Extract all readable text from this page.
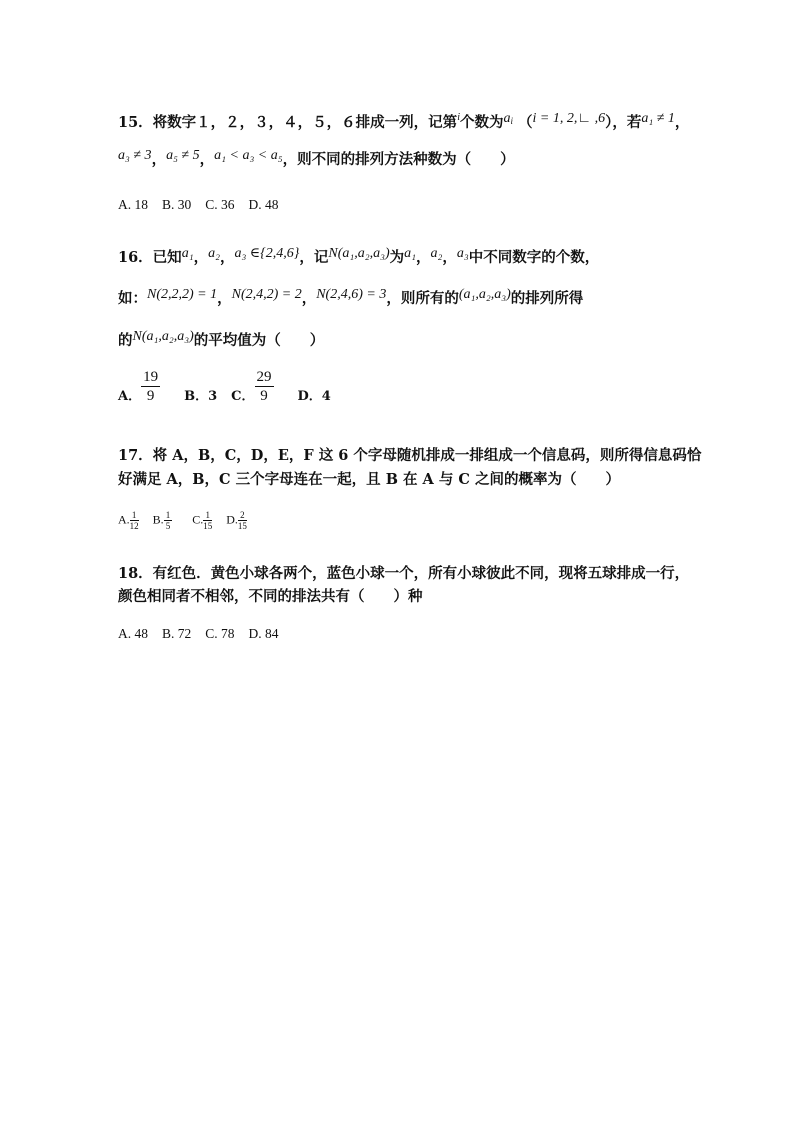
15．将数字１，２，３，４，５，６排成一列，记第$^i$个数为$a_i$ （i = 1, 2,∟ ,6），若a₁ ≠ 1，
a₃ ≠ 3，a₅ ≠ 5，a₁ < a₃ < a₅，则不同的排列方法种数为（　　）
A. 18 B. 30 C. 36 D. 48
16．已知a₁，a₂，a₃ ∈{2,4,6}，记N(a₁,a₂,a₃)为a₁，a₂，a₃中不同数字的个数，
如：N(2,2,2) = 1，N(2,4,2) = 2，N(2,4,6) = 3，则所有的(a₁,a₂,a₃)的排列所得
的N(a₁,a₂,a₃)的平均值为（　　）
A． $\frac{19}{9}$ B．3 C． $\frac{29}{9}$ D．4
17．将 A，B，C，D，E，F 这 6 个字母随机排成一排组成一个信息码，则所得信息码恰
好满足 A，B，C 三个字母连在一起，且 B 在 A 与 C 之间的概率为（　　）
A. $\frac{1}{12} B$. $\frac{1}{5} C$. $\frac{1}{15} D$. $\frac{2}{15}$
18．有红色．黄色小球各两个，蓝色小球一个，所有小球彼此不同，现将五球排成一行，
颜色相同者不相邻，不同的排法共有（　　）种
A. 48 B. 72 C. 78 D. 84
